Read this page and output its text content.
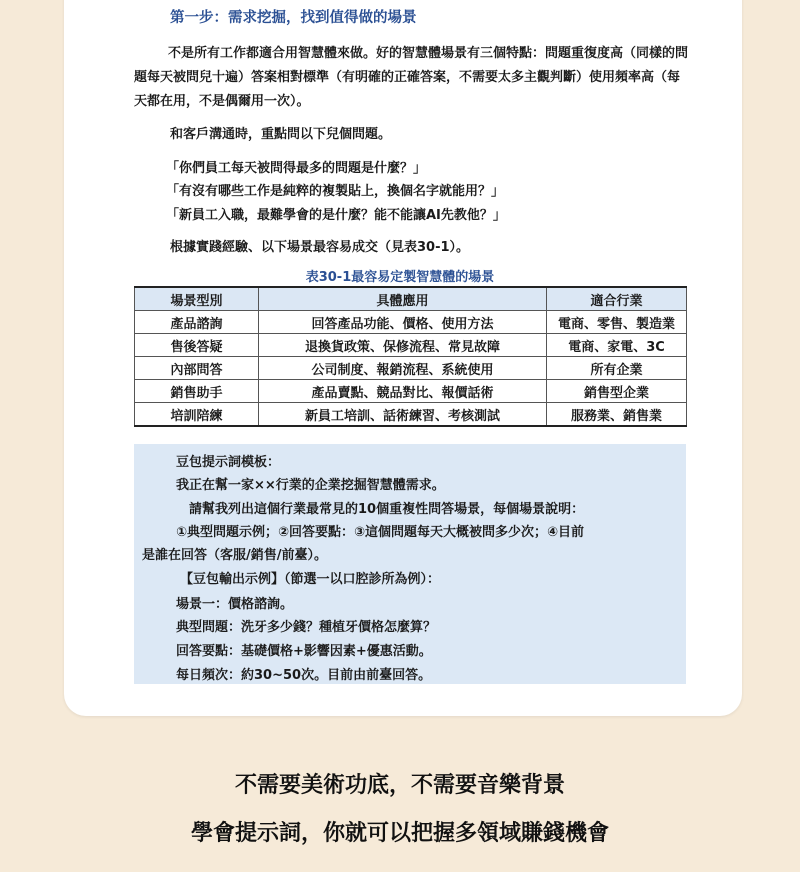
第一步：需求挖掘，找到值得做的場景
不是所有工作都適合用智慧體來做。好的智慧體場景有三個特點：問題重復度高（同樣的問題每天被問兒十遍）答案相對標準（有明確的正確答案，不需要太多主觀判斷）使用頻率高（每天都在用，不是偶爾用一次）。
和客戶溝通時，重點問以下兒個問題。
「你們員工每天被問得最多的問題是什麼？」
「有沒有哪些工作是純粹的複製貼上，換個名字就能用？」
「新員工入職，最難學會的是什麼？能不能讓AI先教他？」
根據實踐經驗、以下場景最容易成交（見表30-1）。
表30-1最容易定製智慧體的場景
場景型別	具體應用	適合行業
產品諮詢	回答產品功能、價格、使用方法	電商、零售、製造業
售後答疑	退換貨政策、保修流程、常見故障	電商、家電、3C
內部問答	公司制度、報銷流程、系統使用	所有企業
銷售助手	產品賣點、競品對比、報價話術	銷售型企業
培訓陪練	新員工培訓、話術練習、考核測試	服務業、銷售業
豆包提示詞模板：
我正在幫一家××行業的企業挖掘智慧體需求。
請幫我列出這個行業最常見的10個重複性問答場景，每個場景說明：
①典型問題示例；②回答要點：③這個問題每天大概被問多少次；④目前
是誰在回答（客服/銷售/前臺）。
【豆包輸出示例】（節選一以口腔診所為例）：
場景一：價格諮詢。
典型問題：洗牙多少錢？種植牙價格怎麼算？
回答要點：基礎價格+影響因素+優惠活動。
每日頻次：約30~50次。目前由前臺回答。
不需要美術功底，不需要音樂背景
學會提示詞，你就可以把握多領域賺錢機會
